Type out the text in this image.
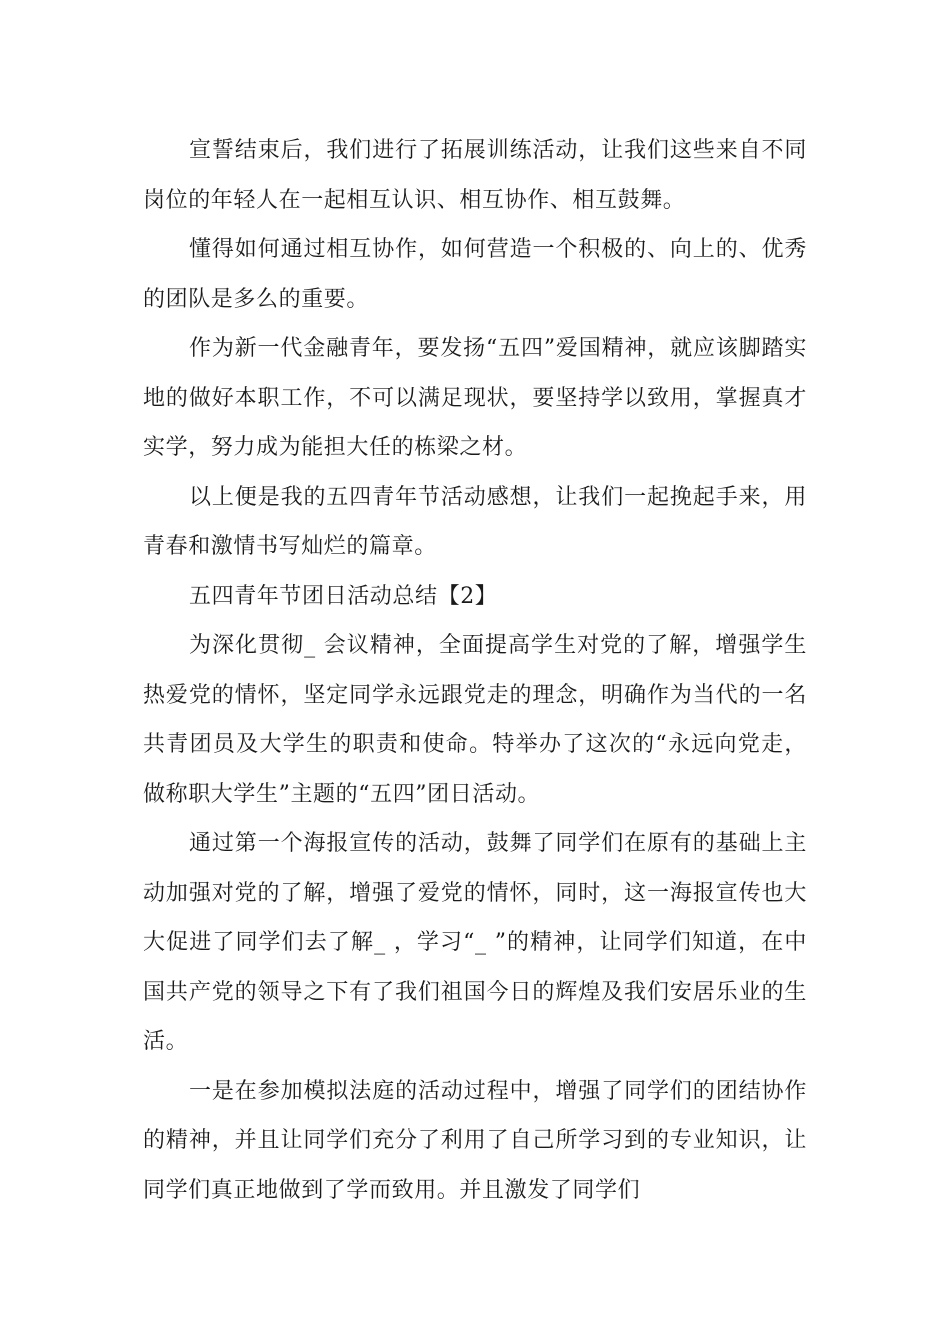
宣誓结束后，我们进行了拓展训练活动，让我们这些来自不同岗位的年轻人在一起相互认识、相互协作、相互鼓舞。

懂得如何通过相互协作，如何营造一个积极的、向上的、优秀的团队是多么的重要。

作为新一代金融青年，要发扬“五四”爱国精神，就应该脚踏实地的做好本职工作，不可以满足现状，要坚持学以致用，掌握真才实学，努力成为能担大任的栋梁之材。

以上便是我的五四青年节活动感想，让我们一起挽起手来，用青春和激情书写灿烂的篇章。

五四青年节团日活动总结【2】

为深化贯彻_ 会议精神，全面提高学生对党的了解，增强学生热爱党的情怀，坚定同学永远跟党走的理念，明确作为当代的一名共青团员及大学生的职责和使命。特举办了这次的“永远向党走，做称职大学生”主题的“五四”团日活动。

通过第一个海报宣传的活动，鼓舞了同学们在原有的基础上主动加强对党的了解，增强了爱党的情怀，同时，这一海报宣传也大大促进了同学们去了解_ ，学习“_ ”的精神，让同学们知道，在中国共产党的领导之下有了我们祖国今日的辉煌及我们安居乐业的生活。

一是在参加模拟法庭的活动过程中，增强了同学们的团结协作的精神，并且让同学们充分了利用了自己所学习到的专业知识，让同学们真正地做到了学而致用。并且激发了同学们
